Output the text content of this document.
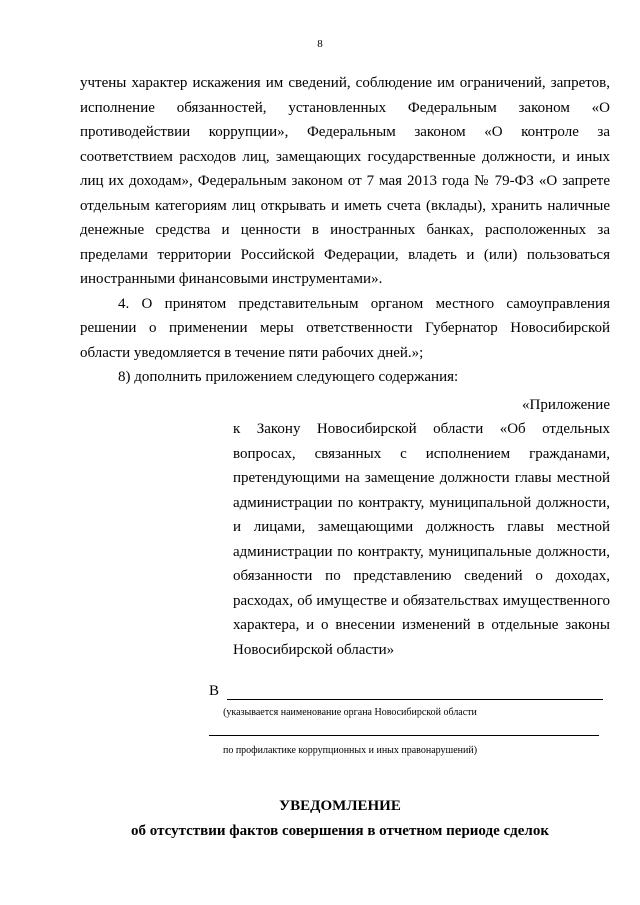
8

учтены характер искажения им сведений, соблюдение им ограничений, запретов, исполнение обязанностей, установленных Федеральным законом «О противодействии коррупции», Федеральным законом «О контроле за соответствием расходов лиц, замещающих государственные должности, и иных лиц их доходам», Федеральным законом от 7 мая 2013 года № 79-ФЗ «О запрете отдельным категориям лиц открывать и иметь счета (вклады), хранить наличные денежные средства и ценности в иностранных банках, расположенных за пределами территории Российской Федерации, владеть и (или) пользоваться иностранными финансовыми инструментами».

4. О принятом представительным органом местного самоуправления решении о применении меры ответственности Губернатор Новосибирской области уведомляется в течение пяти рабочих дней.»;

8) дополнить приложением следующего содержания:

«Приложение
к Закону Новосибирской области «Об отдельных вопросах, связанных с исполнением гражданами, претендующими на замещение должности главы местной администрации по контракту, муниципальной должности, и лицами, замещающими должность главы местной администрации по контракту, муниципальные должности, обязанности по представлению сведений о доходах, расходах, об имуществе и обязательствах имущественного характера, и о внесении изменений в отдельные законы Новосибирской области»
В
(указывается наименование органа Новосибирской области
по профилактике коррупционных и иных правонарушений)
УВЕДОМЛЕНИЕ
об отсутствии фактов совершения в отчетном периоде сделок
